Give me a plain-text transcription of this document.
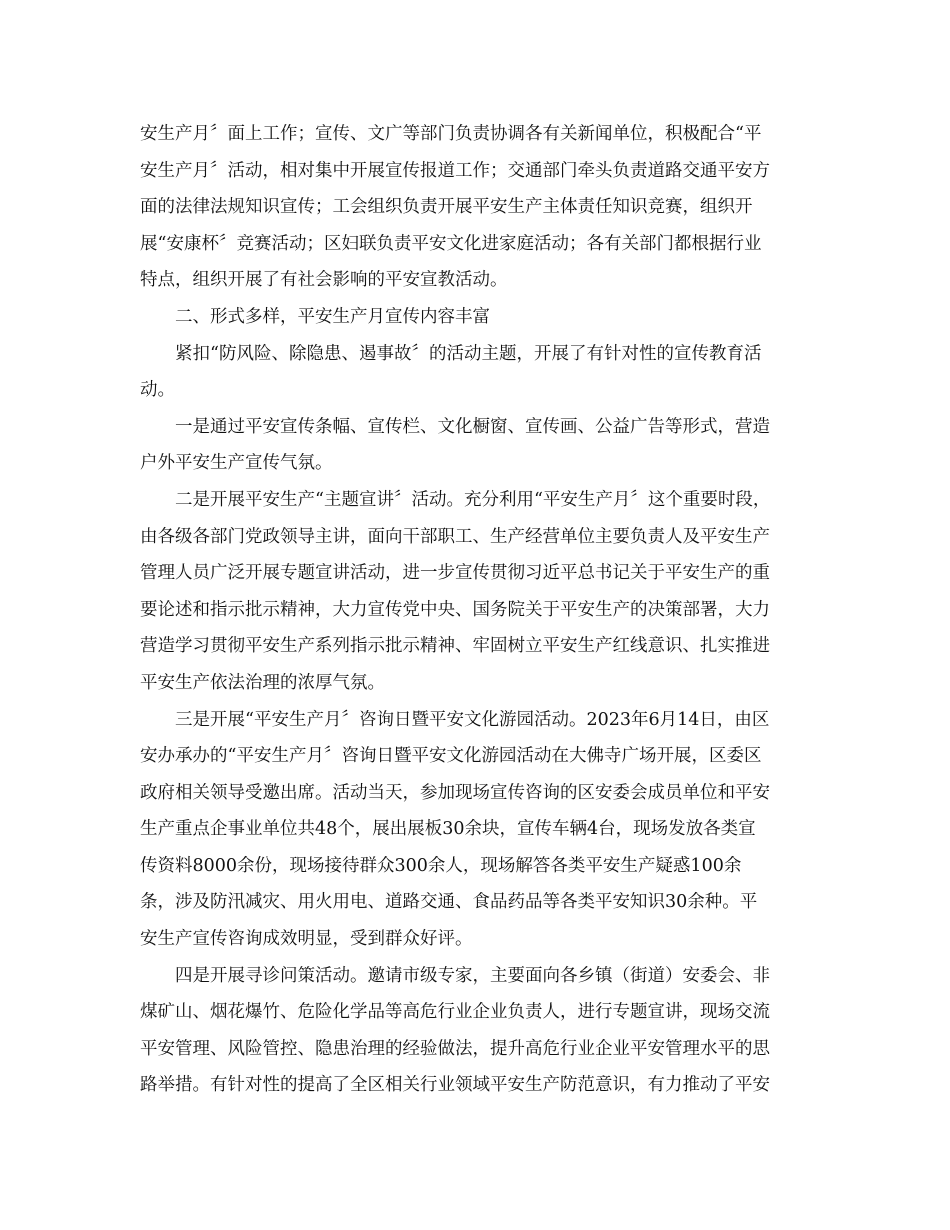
安生产月〞面上工作；宣传、文广等部门负责协调各有关新闻单位，积极配合“平
安生产月〞活动，相对集中开展宣传报道工作；交通部门牵头负责道路交通平安方
面的法律法规知识宣传；工会组织负责开展平安生产主体责任知识竞赛，组织开
展“安康杯〞竞赛活动；区妇联负责平安文化进家庭活动；各有关部门都根据行业
特点，组织开展了有社会影响的平安宣教活动。
二、形式多样，平安生产月宣传内容丰富
紧扣“防风险、除隐患、遏事故〞的活动主题，开展了有针对性的宣传教育活
动。
一是通过平安宣传条幅、宣传栏、文化橱窗、宣传画、公益广告等形式，营造
户外平安生产宣传气氛。
二是开展平安生产“主题宣讲〞活动。充分利用“平安生产月〞这个重要时段，
由各级各部门党政领导主讲，面向干部职工、生产经营单位主要负责人及平安生产
管理人员广泛开展专题宣讲活动，进一步宣传贯彻习近平总书记关于平安生产的重
要论述和指示批示精神，大力宣传党中央、国务院关于平安生产的决策部署，大力
营造学习贯彻平安生产系列指示批示精神、牢固树立平安生产红线意识、扎实推进
平安生产依法治理的浓厚气氛。
三是开展“平安生产月〞咨询日暨平安文化游园活动。2023年6月14日，由区
安办承办的“平安生产月〞咨询日暨平安文化游园活动在大佛寺广场开展，区委区
政府相关领导受邀出席。活动当天，参加现场宣传咨询的区安委会成员单位和平安
生产重点企事业单位共48个，展出展板30余块，宣传车辆4台，现场发放各类宣
传资料8000余份，现场接待群众300余人，现场解答各类平安生产疑惑100余
条，涉及防汛减灾、用火用电、道路交通、食品药品等各类平安知识30余种。平
安生产宣传咨询成效明显，受到群众好评。
四是开展寻诊问策活动。邀请市级专家，主要面向各乡镇（街道）安委会、非
煤矿山、烟花爆竹、危险化学品等高危行业企业负责人，进行专题宣讲，现场交流
平安管理、风险管控、隐患治理的经验做法，提升高危行业企业平安管理水平的思
路举措。有针对性的提高了全区相关行业领域平安生产防范意识，有力推动了平安
